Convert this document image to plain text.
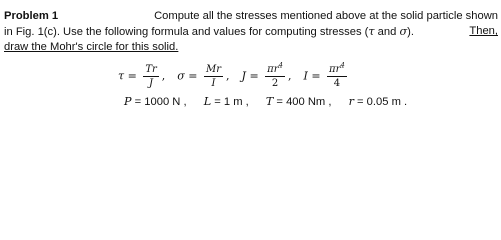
Problem 1	Compute all the stresses mentioned above at the solid particle shown
in Fig. 1(c). Use the following formula and values for computing stresses (τ and σ).	Then,
draw the Mohr's circle for this solid.
$\tau = \frac{Tr}{J}$ , $\sigma = \frac{Mr}{I}$ , $J = \frac{\pi r^4}{2}$ , $I = \frac{\pi r^4}{4}$
P = 1000 N , L = 1 m , T = 400 Nm , r = 0.05 m .
